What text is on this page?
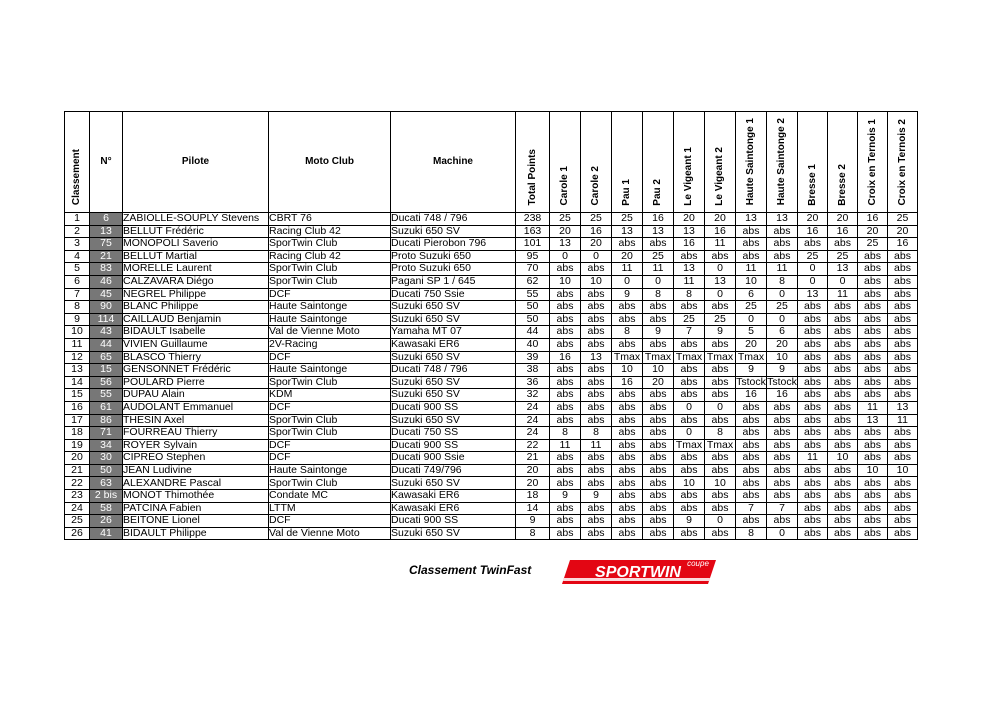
Classement	N°	Pilote	Moto Club	Machine	Total Points	Carole 1	Carole 2	Pau 1	Pau 2	Le Vigeant 1	Le Vigeant 2	Haute Saintonge 1	Haute Saintonge 2	Bresse 1	Bresse 2	Croix en Ternois 1	Croix en Ternois 2
1	6	ZABIOLLE-SOUPLY Stevens	CBRT 76	Ducati 748 / 796	238	25	25	25	16	20	20	13	13	20	20	16	25
2	13	BELLUT Frédéric	Racing Club 42	Suzuki 650 SV	163	20	16	13	13	13	16	abs	abs	16	16	20	20
3	75	MONOPOLI Saverio	SporTwin Club	Ducati Pierobon 796	101	13	20	abs	abs	16	11	abs	abs	abs	abs	25	16
4	21	BELLUT Martial	Racing Club 42	Proto Suzuki 650	95	0	0	20	25	abs	abs	abs	abs	25	25	abs	abs
5	83	MORELLE Laurent	SporTwin Club	Proto Suzuki 650	70	abs	abs	11	11	13	0	11	11	0	13	abs	abs
6	46	CALZAVARA Diégo	SporTwin Club	Pagani SP 1 / 645	62	10	10	0	0	11	13	10	8	0	0	abs	abs
7	45	NEGREL Philippe	DCF	Ducati 750 Ssie	55	abs	abs	9	8	8	0	6	0	13	11	abs	abs
8	90	BLANC Philippe	Haute Saintonge	Suzuki 650 SV	50	abs	abs	abs	abs	abs	abs	25	25	abs	abs	abs	abs
9	114	CAILLAUD Benjamin	Haute Saintonge	Suzuki 650 SV	50	abs	abs	abs	abs	25	25	0	0	abs	abs	abs	abs
10	43	BIDAULT Isabelle	Val de Vienne Moto	Yamaha MT 07	44	abs	abs	8	9	7	9	5	6	abs	abs	abs	abs
11	44	VIVIEN Guillaume	2V-Racing	Kawasaki ER6	40	abs	abs	abs	abs	abs	abs	20	20	abs	abs	abs	abs
12	65	BLASCO Thierry	DCF	Suzuki 650 SV	39	16	13	Tmax	Tmax	Tmax	Tmax	Tmax	10	abs	abs	abs	abs
13	15	GENSONNET Frédéric	Haute Saintonge	Ducati 748 / 796	38	abs	abs	10	10	abs	abs	9	9	abs	abs	abs	abs
14	56	POULARD Pierre	SporTwin Club	Suzuki 650 SV	36	abs	abs	16	20	abs	abs	Tstock	Tstock	abs	abs	abs	abs
15	55	DUPAU Alain	KDM	Suzuki 650 SV	32	abs	abs	abs	abs	abs	abs	16	16	abs	abs	abs	abs
16	61	AUDOLANT Emmanuel	DCF	Ducati 900 SS	24	abs	abs	abs	abs	0	0	abs	abs	abs	abs	11	13
17	86	THESIN Axel	SporTwin Club	Suzuki 650 SV	24	abs	abs	abs	abs	abs	abs	abs	abs	abs	abs	13	11
18	71	FOURREAU Thierry	SporTwin Club	Ducati 750 SS	24	8	8	abs	abs	0	8	abs	abs	abs	abs	abs	abs
19	34	ROYER Sylvain	DCF	Ducati 900 SS	22	11	11	abs	abs	Tmax	Tmax	abs	abs	abs	abs	abs	abs
20	30	CIPREO Stephen	DCF	Ducati 900 Ssie	21	abs	abs	abs	abs	abs	abs	abs	abs	11	10	abs	abs
21	50	JEAN Ludivine	Haute Saintonge	Ducati 749/796	20	abs	abs	abs	abs	abs	abs	abs	abs	abs	abs	10	10
22	63	ALEXANDRE Pascal	SporTwin Club	Suzuki 650 SV	20	abs	abs	abs	abs	10	10	abs	abs	abs	abs	abs	abs
23	2 bis	MONOT Thimothée	Condate MC	Kawasaki ER6	18	9	9	abs	abs	abs	abs	abs	abs	abs	abs	abs	abs
24	58	PATCINA Fabien	LTTM	Kawasaki ER6	14	abs	abs	abs	abs	abs	abs	7	7	abs	abs	abs	abs
25	26	BEITONE Lionel	DCF	Ducati 900 SS	9	abs	abs	abs	abs	9	0	abs	abs	abs	abs	abs	abs
26	41	BIDAULT Philippe	Val de Vienne Moto	Suzuki 650 SV	8	abs	abs	abs	abs	abs	abs	8	0	abs	abs	abs	abs
Classement TwinFast	SPORTWIN
coupe
